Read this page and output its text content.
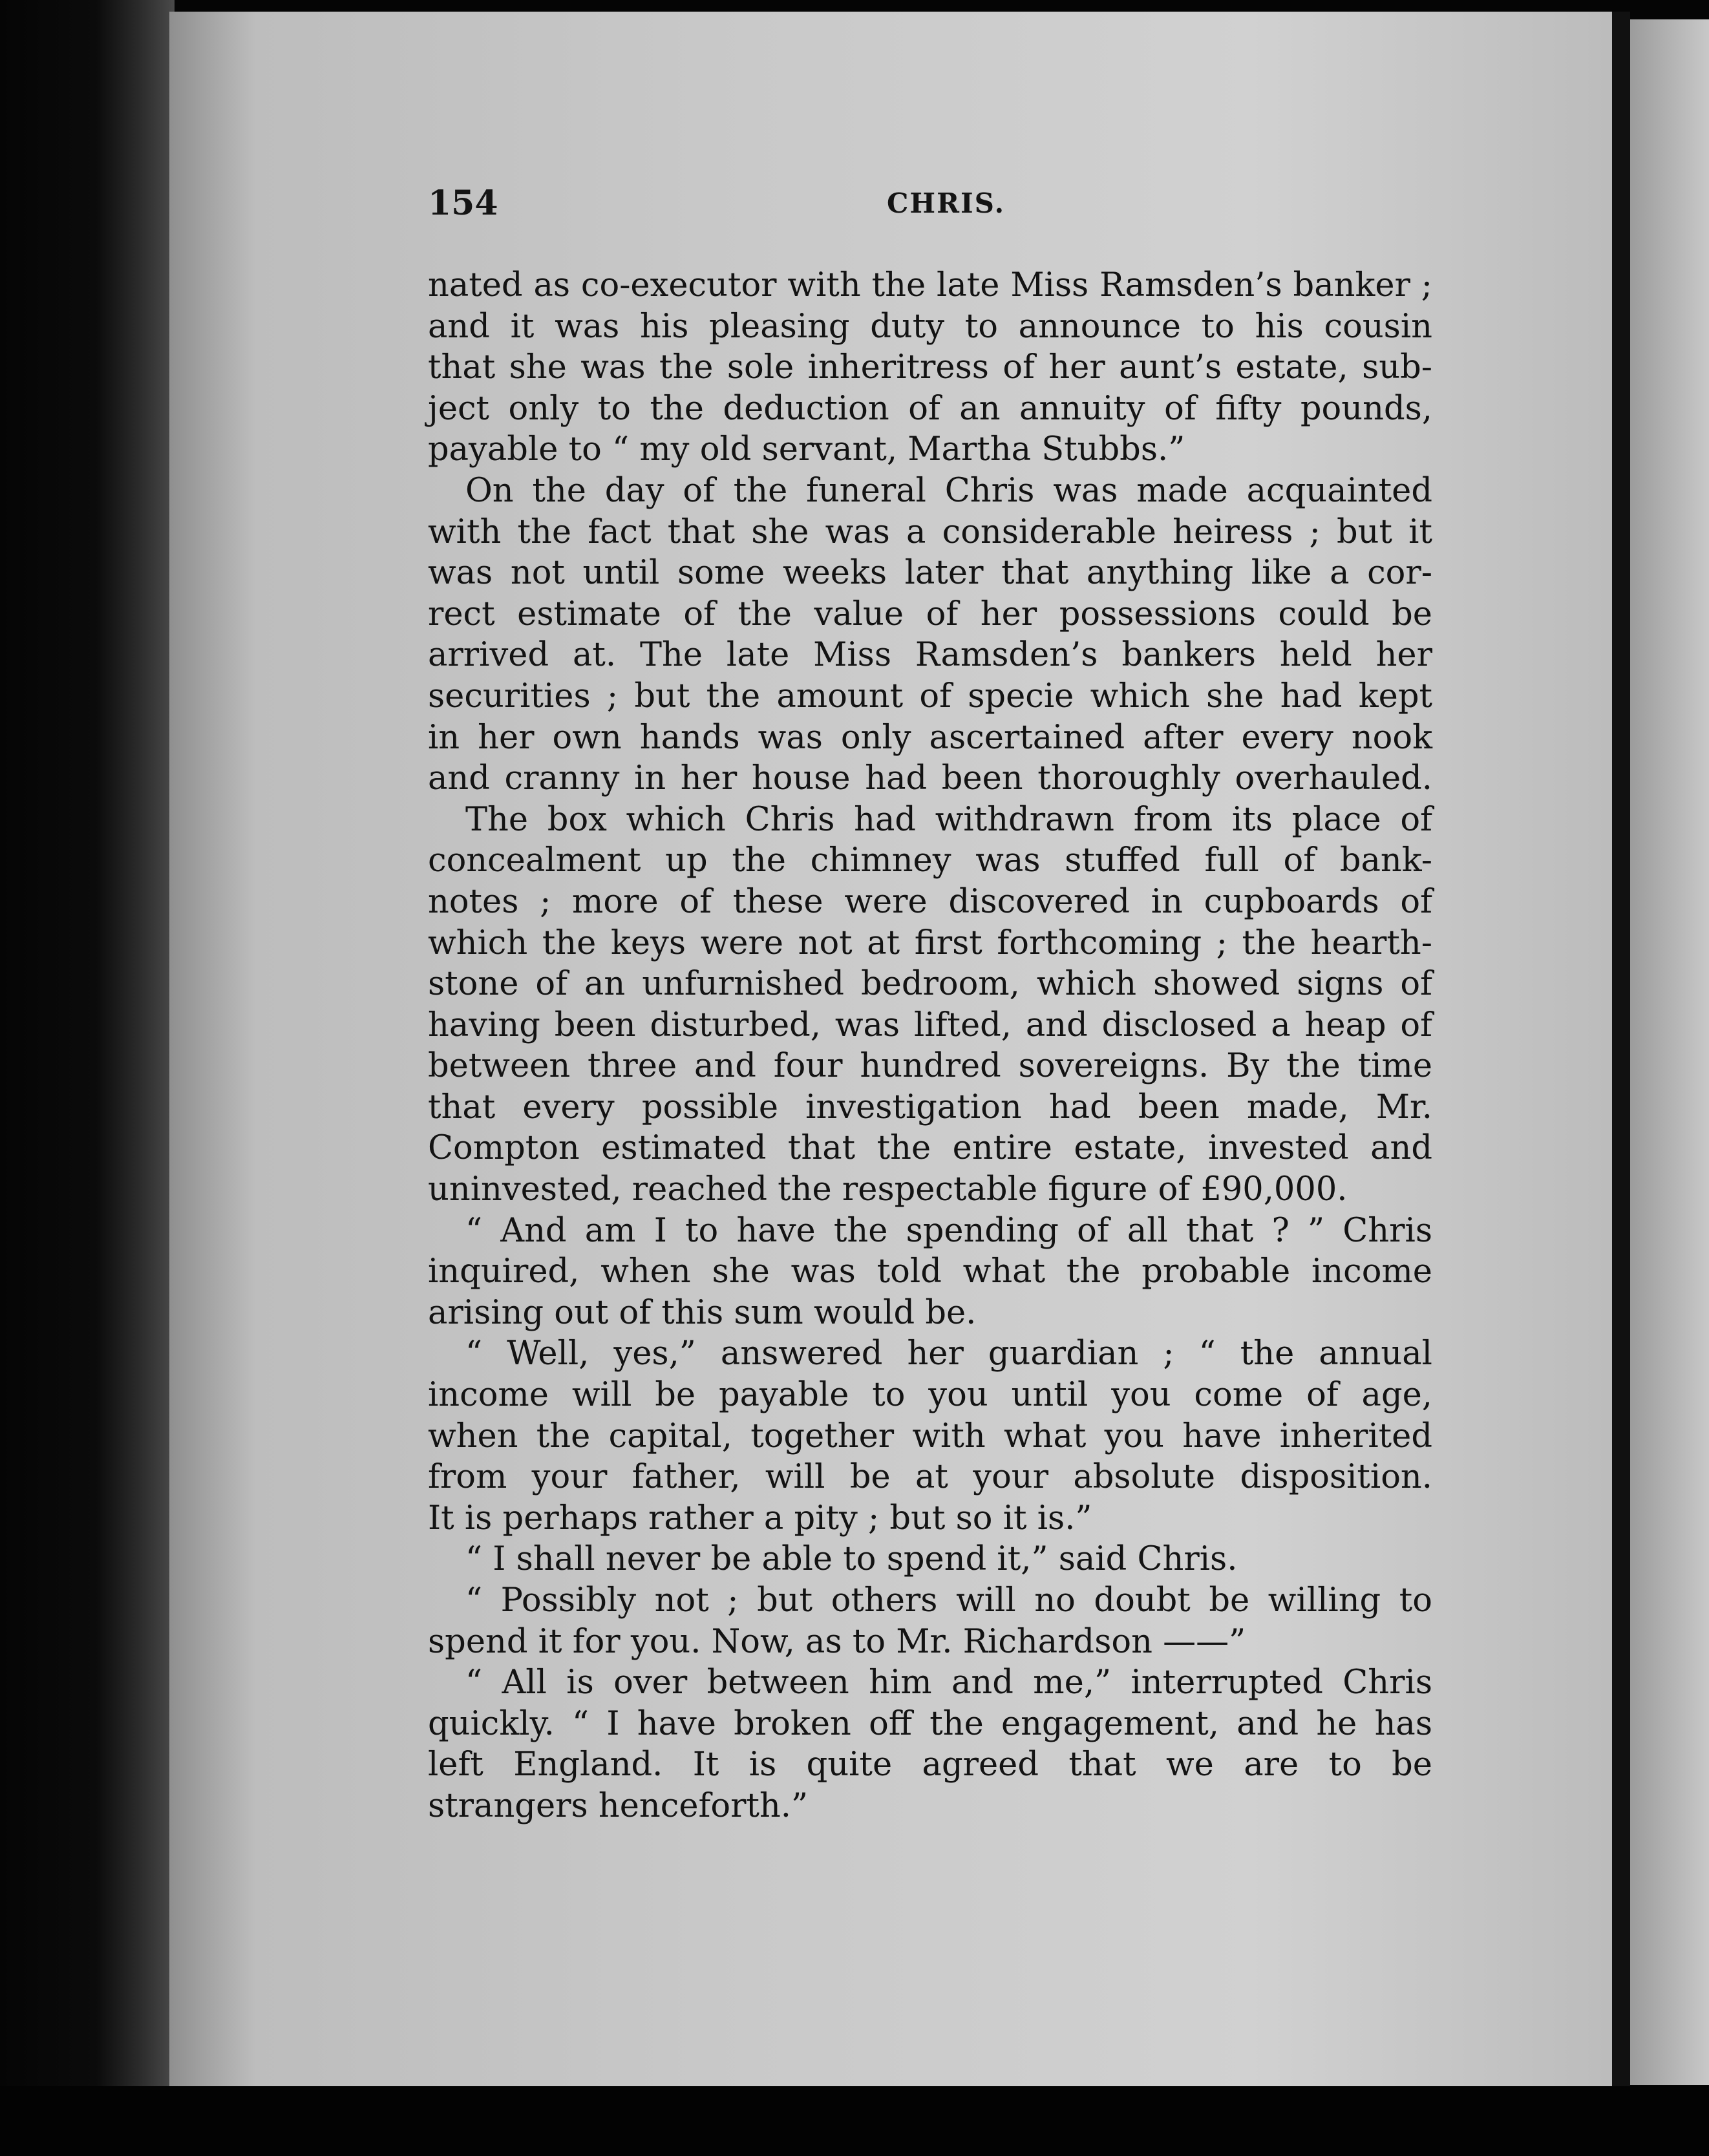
154	CHRIS.
nated as co-executor with the late Miss Ramsden’s banker ;
and it was his pleasing duty to announce to his cousin
that she was the sole inheritress of her aunt’s estate, sub-
ject only to the deduction of an annuity of fifty pounds,
payable to “ my old servant, Martha Stubbs.”
On the day of the funeral Chris was made acquainted
with the fact that she was a considerable heiress ; but it
was not until some weeks later that anything like a cor-
rect estimate of the value of her possessions could be
arrived at. The late Miss Ramsden’s bankers held her
securities ; but the amount of specie which she had kept
in her own hands was only ascertained after every nook
and cranny in her house had been thoroughly overhauled.
The box which Chris had withdrawn from its place of
concealment up the chimney was stuffed full of bank-
notes ; more of these were discovered in cupboards of
which the keys were not at first forthcoming ; the hearth-
stone of an unfurnished bedroom, which showed signs of
having been disturbed, was lifted, and disclosed a heap of
between three and four hundred sovereigns. By the time
that every possible investigation had been made, Mr.
Compton estimated that the entire estate, invested and
uninvested, reached the respectable figure of £90,000.
“ And am I to have the spending of all that ? ” Chris
inquired, when she was told what the probable income
arising out of this sum would be.
“ Well, yes,” answered her guardian ; “ the annual
income will be payable to you until you come of age,
when the capital, together with what you have inherited
from your father, will be at your absolute disposition.
It is perhaps rather a pity ; but so it is.”
“ I shall never be able to spend it,” said Chris.
“ Possibly not ; but others will no doubt be willing to
spend it for you. Now, as to Mr. Richardson ——”
“ All is over between him and me,” interrupted Chris
quickly. “ I have broken off the engagement, and he has
left England. It is quite agreed that we are to be
strangers henceforth.”
